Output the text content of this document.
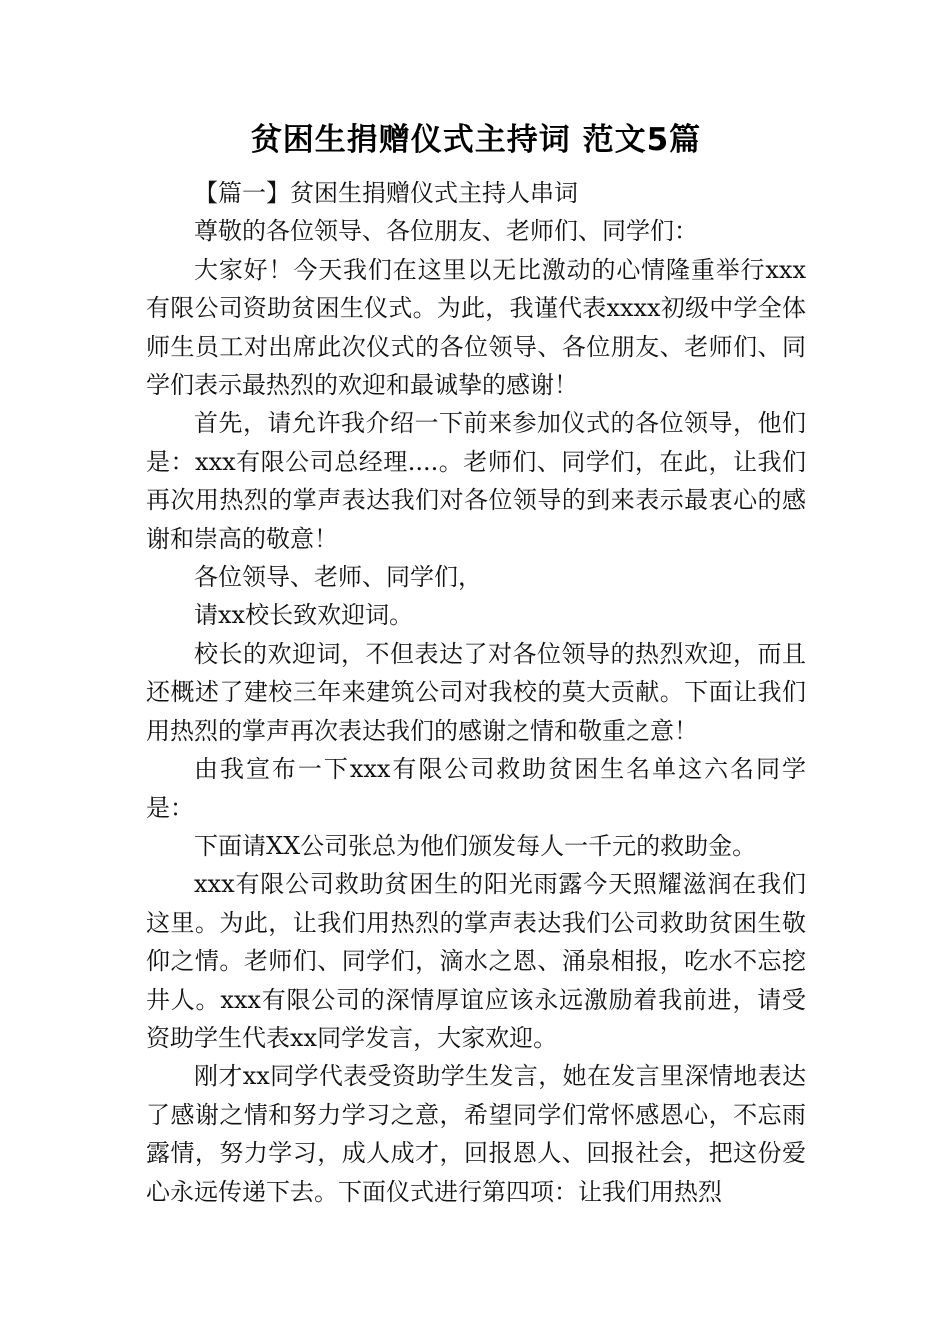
贫困生捐赠仪式主持词 范文5篇

【篇一】贫困生捐赠仪式主持人串词

尊敬的各位领导、各位朋友、老师们、同学们：

大家好！今天我们在这里以无比激动的心情隆重举行xxx有限公司资助贫困生仪式。为此，我谨代表xxxx初级中学全体师生员工对出席此次仪式的各位领导、各位朋友、老师们、同学们表示最热烈的欢迎和最诚挚的感谢！

首先，请允许我介绍一下前来参加仪式的各位领导，他们是：xxx有限公司总经理....。老师们、同学们，在此，让我们再次用热烈的掌声表达我们对各位领导的到来表示最衷心的感谢和崇高的敬意！

各位领导、老师、同学们，

请xx校长致欢迎词。

校长的欢迎词，不但表达了对各位领导的热烈欢迎，而且还概述了建校三年来建筑公司对我校的莫大贡献。下面让我们用热烈的掌声再次表达我们的感谢之情和敬重之意！

由我宣布一下xxx有限公司救助贫困生名单这六名同学是：

下面请XX公司张总为他们颁发每人一千元的救助金。

xxx有限公司救助贫困生的阳光雨露今天照耀滋润在我们这里。为此，让我们用热烈的掌声表达我们公司救助贫困生敬仰之情。老师们、同学们，滴水之恩、涌泉相报，吃水不忘挖井人。xxx有限公司的深情厚谊应该永远激励着我前进，请受资助学生代表xx同学发言，大家欢迎。

刚才xx同学代表受资助学生发言，她在发言里深情地表达了感谢之情和努力学习之意，希望同学们常怀感恩心，不忘雨露情，努力学习，成人成才，回报恩人、回报社会，把这份爱心永远传递下去。下面仪式进行第四项：让我们用热烈
